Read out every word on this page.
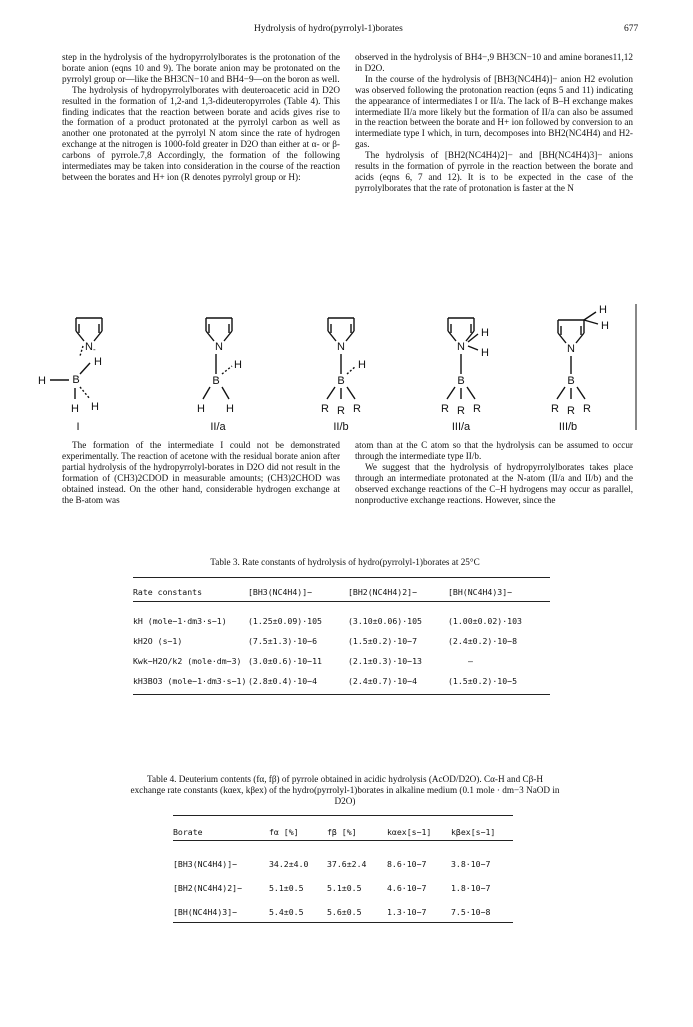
Hydrolysis of hydro(pyrrolyl-1)borates	677

step in the hydrolysis of the hydropyrrolylborates is the protonation of the borate anion (eqns 10 and 9). The borate anion may be protonated on the pyrrolyl group or—like the BH3CN−10 and BH4−9—on the boron as well.

The hydrolysis of hydropyrrolylborates with deuteroacetic acid in D2O resulted in the formation of 1,2-and 1,3-dideuteropyrroles (Table 4). This finding indicates that the reaction between borate and acids gives rise to the formation of a product protonated at the pyrrolyl carbon as well as another one protonated at the pyrrolyl N atom since the rate of hydrogen exchange at the nitrogen is 1000-fold greater in D2O than either at α- or β-carbons of pyrrole.7,8 Accordingly, the formation of the following intermediates may be taken into consideration in the course of the reaction between the borates and H+ ion (R denotes pyrrolyl group or H):

observed in the hydrolysis of BH4−,9 BH3CN−10 and amine boranes11,12 in D2O.

In the course of the hydrolysis of [BH3(NC4H4)]− anion H2 evolution was observed following the protonation reaction (eqns 5 and 11) indicating the appearance of intermediates I or II/a. The lack of B–H exchange makes intermediate II/a more likely but the formation of II/a can also be assumed in the reaction between the borate and H+ ion followed by conversion to an intermediate type I which, in turn, decomposes into BH2(NC4H4) and H2-gas.

The hydrolysis of [BH2(NC4H4)2]− and [BH(NC4H4)3]− anions results in the formation of pyrrole in the reaction between the borate and acids (eqns 6, 7 and 12). It is to be expected in the case of the pyrrolylborates that the rate of protonation is faster at the N

N -
B
H
H
H H
I
N
B
H
H H
II/a
N
B
H
R R R
II/b
N
H
H
B
R R R
III/a
H
H
N
B
R R R
III/b

The formation of the intermediate I could not be demonstrated experimentally. The reaction of acetone with the residual borate anion after partial hydrolysis of the hydropyrrolyl-borates in D2O did not result in the formation of (CH3)2CDOD in measurable amounts; (CH3)2CHOD was obtained instead. On the other hand, considerable hydrogen exchange at the B-atom was

atom than at the C atom so that the hydrolysis can be assumed to occur through the intermediate type II/b.

We suggest that the hydrolysis of hydropyrrolylborates takes place through an intermediate protonated at the N-atom (II/a and II/b) and the observed exchange reactions of the C–H hydrogens may occur as parallel, nonproductive exchange reactions. However, since the

Table 3. Rate constants of hydrolysis of hydro(pyrrolyl-1)borates at 25°C
Rate constants	[BH3(NC4H4)]−	[BH2(NC4H4)2]−	[BH(NC4H4)3]−

kH (mole−1·dm3·s−1)	(1.25±0.09)·105	(3.10±0.06)·105	(1.00±0.02)·103
kH2O (s−1)	(7.5±1.3)·10−6	(1.5±0.2)·10−7	(2.4±0.2)·10−8
Kwk−H2O/k2 (mole·dm−3)	(3.0±0.6)·10−11	(2.1±0.3)·10−13	–
kH3BO3 (mole−1·dm3·s−1)	(2.8±0.4)·10−4	(2.4±0.7)·10−4	(1.5±0.2)·10−5
Table 4. Deuterium contents (fα, fβ) of pyrrole obtained in acidic hydrolysis (AcOD/D2O). Cα-H and Cβ-H
exchange rate constants (kαex, kβex) of the hydro(pyrrolyl-1)borates in alkaline medium (0.1 mole · dm−3 NaOD in
D2O)
Borate	fα [%]	fβ [%]	kαex[s−1]	kβex[s−1]

[BH3(NC4H4)]−	34.2±4.0	37.6±2.4	8.6·10−7	3.8·10−7
[BH2(NC4H4)2]−	5.1±0.5	5.1±0.5	4.6·10−7	1.8·10−7
[BH(NC4H4)3]−	5.4±0.5	5.6±0.5	1.3·10−7	7.5·10−8
